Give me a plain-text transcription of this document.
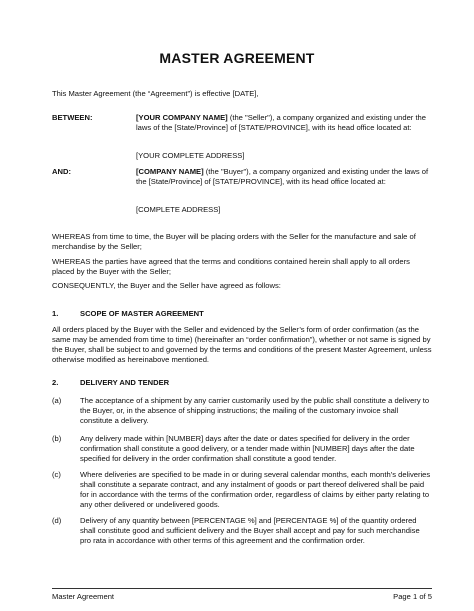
MASTER AGREEMENT
This Master Agreement (the “Agreement”) is effective [DATE],
BETWEEN:	[YOUR COMPANY NAME] (the "Seller"), a company organized and existing under the laws of the [State/Province] of [STATE/PROVINCE], with its head office located at:
[YOUR COMPLETE ADDRESS]
AND:	[COMPANY NAME] (the "Buyer"), a company organized and existing under the laws of the [State/Province] of [STATE/PROVINCE], with its head office located at:
[COMPLETE ADDRESS]
WHEREAS from time to time, the Buyer will be placing orders with the Seller for the manufacture and sale of merchandise by the Seller;
WHEREAS the parties have agreed that the terms and conditions contained herein shall apply to all orders placed by the Buyer with the Seller;
CONSEQUENTLY, the Buyer and the Seller have agreed as follows:
1.	SCOPE OF MASTER AGREEMENT
All orders placed by the Buyer with the Seller and evidenced by the Seller’s form of order confirmation (as the same may be amended from time to time) (hereinafter an “order confirmation”), whether or not same is signed by the Buyer, shall be subject to and governed by the terms and conditions of the present Master Agreement, unless otherwise modified as hereinabove mentioned.
2.	DELIVERY AND TENDER
(a) The acceptance of a shipment by any carrier customarily used by the public shall constitute a delivery to the Buyer, or, in the absence of shipping instructions; the mailing of the customary invoice shall constitute a delivery.
(b) Any delivery made within [NUMBER] days after the date or dates specified for delivery in the order confirmation shall constitute a good delivery, or a tender made within [NUMBER] days after the date specified for delivery in the order confirmation shall constitute a good tender.
(c)	Where deliveries are specified to be made in or during several calendar months, each month’s deliveries shall constitute a separate contract, and any instalment of goods or part thereof delivered shall be paid for in accordance with the terms of the confirmation order, regardless of claims by either party relating to any other delivered or undelivered goods.
(d) Delivery of any quantity between [PERCENTAGE %] and [PERCENTAGE %] of the quantity ordered shall constitute good and sufficient delivery and the Buyer shall accept and pay for such merchandise pro rata in accordance with other terms of this agreement and the confirmation order.
Master Agreement	Page 1 of 5
